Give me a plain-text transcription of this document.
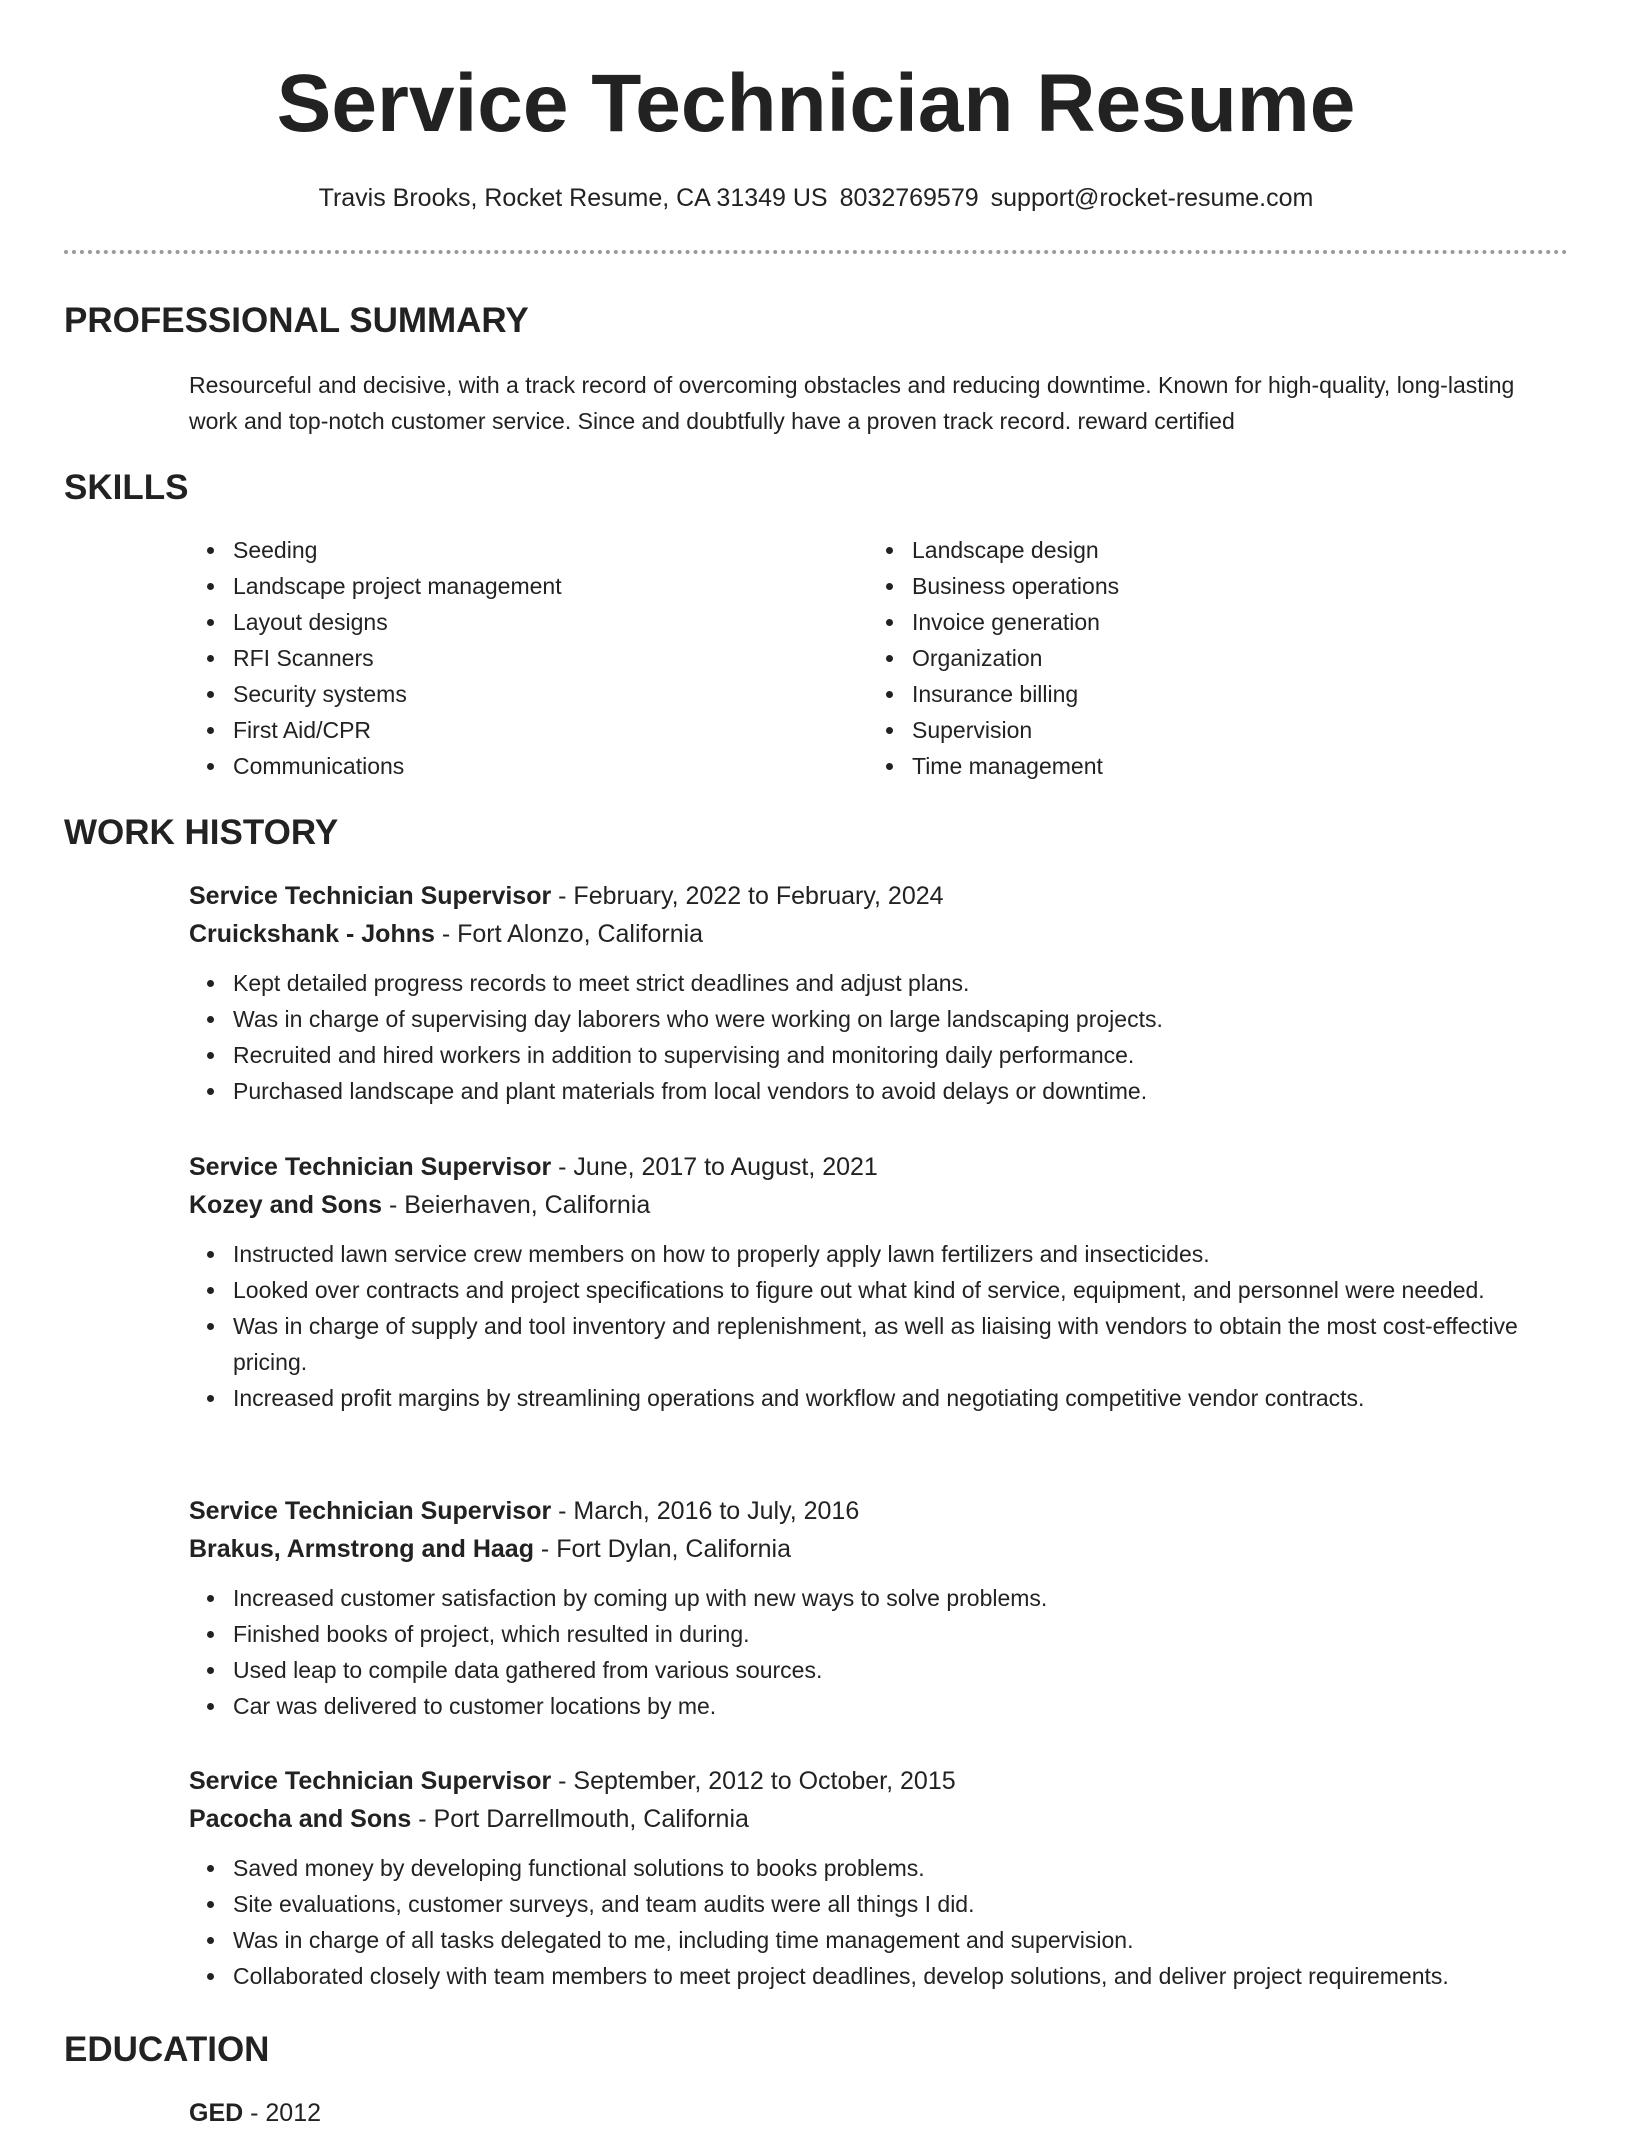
Service Technician Resume
Travis Brooks, Rocket Resume, CA 31349 US 8032769579 support@rocket-resume.com
PROFESSIONAL SUMMARY

Resourceful and decisive, with a track record of overcoming obstacles and reducing downtime. Known for high-quality, long-lasting work and top-notch customer service. Since and doubtfully have a proven track record. reward certified

SKILLS
Seeding
Landscape project management
Layout designs
RFI Scanners
Security systems
First Aid/CPR
Communications
Landscape design
Business operations
Invoice generation
Organization
Insurance billing
Supervision
Time management
WORK HISTORY
Service Technician Supervisor - February, 2022 to February, 2024
Cruickshank - Johns - Fort Alonzo, California
Kept detailed progress records to meet strict deadlines and adjust plans.
Was in charge of supervising day laborers who were working on large landscaping projects.
Recruited and hired workers in addition to supervising and monitoring daily performance.
Purchased landscape and plant materials from local vendors to avoid delays or downtime.
Service Technician Supervisor - June, 2017 to August, 2021
Kozey and Sons - Beierhaven, California
Instructed lawn service crew members on how to properly apply lawn fertilizers and insecticides.
Looked over contracts and project specifications to figure out what kind of service, equipment, and personnel were needed.
Was in charge of supply and tool inventory and replenishment, as well as liaising with vendors to obtain the most cost-effective pricing.
Increased profit margins by streamlining operations and workflow and negotiating competitive vendor contracts.
Service Technician Supervisor - March, 2016 to July, 2016
Brakus, Armstrong and Haag - Fort Dylan, California
Increased customer satisfaction by coming up with new ways to solve problems.
Finished books of project, which resulted in during.
Used leap to compile data gathered from various sources.
Car was delivered to customer locations by me.
Service Technician Supervisor - September, 2012 to October, 2015
Pacocha and Sons - Port Darrellmouth, California
Saved money by developing functional solutions to books problems.
Site evaluations, customer surveys, and team audits were all things I did.
Was in charge of all tasks delegated to me, including time management and supervision.
Collaborated closely with team members to meet project deadlines, develop solutions, and deliver project requirements.
EDUCATION
GED - 2012
